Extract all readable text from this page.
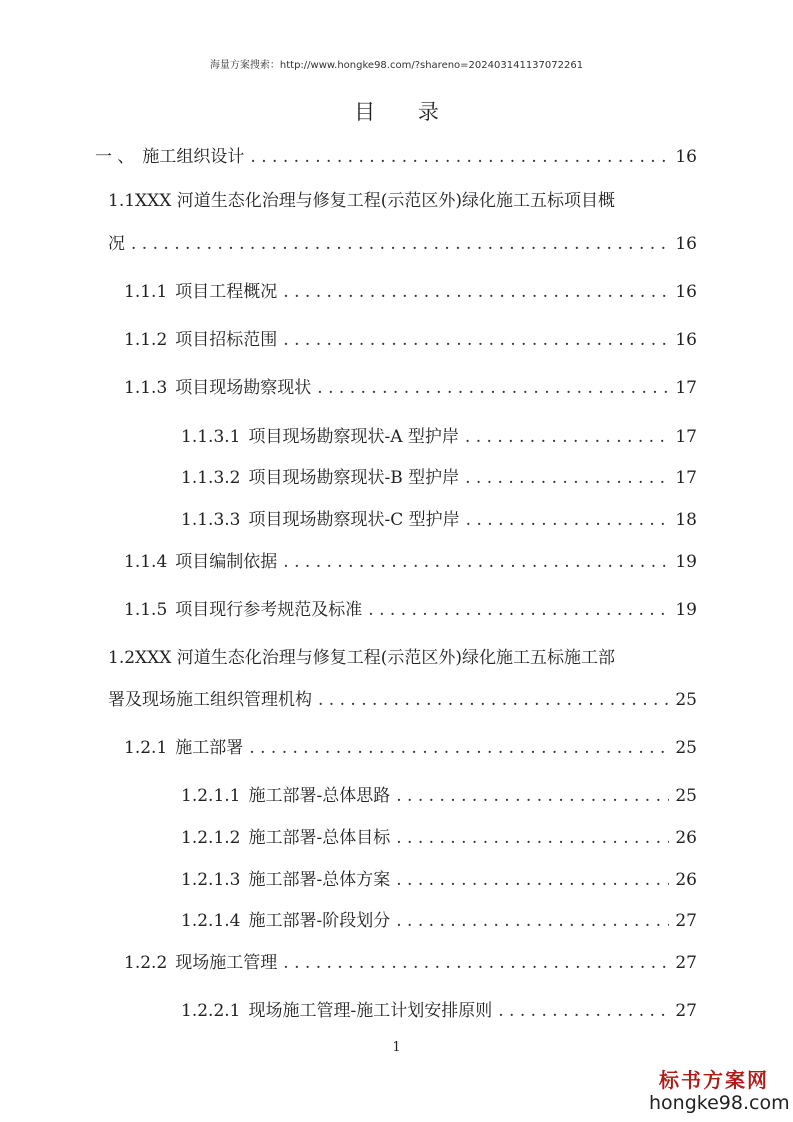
海量方案搜索：http://www.hongke98.com/?shareno=202403141137072261
目 录
一 、 施工组织设计 . . .	16
1.1XXX 河道生态化治理与修复工程(示范区外)绿化施工五标项目概
况 . . .	16
1.1.1 项目工程概况 . . .	16
1.1.2 项目招标范围 . . .	16
1.1.3 项目现场勘察现状 . . .	17
1.1.3.1 项目现场勘察现状-A 型护岸 . . .	17
1.1.3.2 项目现场勘察现状-B 型护岸 . . .	17
1.1.3.3 项目现场勘察现状-C 型护岸 . . .	18
1.1.4 项目编制依据 . . .	19
1.1.5 项目现行参考规范及标准 . . .	19
1.2XXX 河道生态化治理与修复工程(示范区外)绿化施工五标施工部
署及现场施工组织管理机构 . . .	25
1.2.1 施工部署 . . .	25
1.2.1.1 施工部署-总体思路 . . .	25
1.2.1.2 施工部署-总体目标 . . .	26
1.2.1.3 施工部署-总体方案 . . .	26
1.2.1.4 施工部署-阶段划分 . . .	27
1.2.2 现场施工管理 . . .	27
1.2.2.1 现场施工管理-施工计划安排原则 . . .	27
1
标书方案网
hongke98.com
